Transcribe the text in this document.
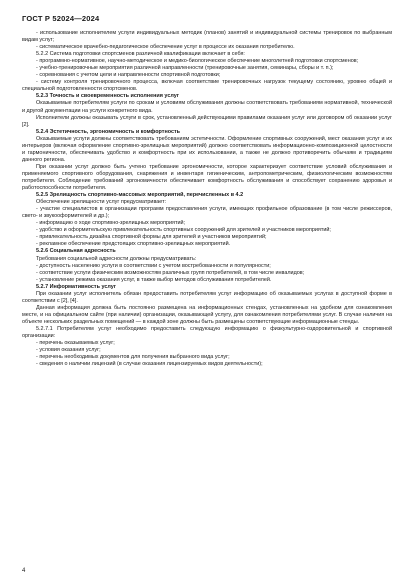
ГОСТ Р 52024—2024

- использование исполнителем услуги индивидуальных методик (планов) занятий и индивидуальной системы тренировок по выбранным видам услуг;

- систематическое врачебно-педагогическое обеспечение услуг в процессе их оказания потребителю.

5.2.2 Система подготовки спортсменов различной квалификации включает в себя:

- программно-нормативное, научно-методическое и медико-биологическое обеспечение многолетней подготовки спортсменов;

- учебно-тренировочные мероприятия различной направленности (тренировочные занятия, семинары, сборы и т. п.);

- соревнования с учетом цели и направленности спортивной подготовки;

- систему контроля тренировочного процесса, включая соответствие тренировочных нагрузок текущему состоянию, уровню общей и специальной подготовленности спортсменов.

5.2.3 Точность и своевременность исполнения услуг

Оказываемые потребителям услуги по срокам и условиям обслуживания должны соответствовать требованиям нормативной, технической и другой документации на услуги конкретного вида.

Исполнители должны оказывать услуги в срок, установленный действующими правилами оказания услуг или договором об оказании услуг [2].

5.2.4 Эстетичность, эргономичность и комфортность

Оказываемые услуги должны соответствовать требованиям эстетичности. Оформление спортивных сооружений, мест оказания услуг и их интерьеров (включая оформление спортивно-зрелищных мероприятий) должно соответствовать информационно-композиционной целостности и гармоничности, обеспечивать удобство и комфортность при их использовании, а также не должно противоречить обычаям и традициям данного региона.

При оказании услуг должно быть учтено требование эргономичности, которое характеризует соответствие условий обслуживания и применяемого спортивного оборудования, снаряжения и инвентаря гигиеническим, антропометрическим, физиологическим возможностям потребителя. Соблюдение требований эргономичности обеспечивает комфортность обслуживания и способствует сохранению здоровья и работоспособности потребителя.

5.2.5 Зрелищность спортивно-массовых мероприятий, перечисленных в 4.2

Обеспечение зрелищности услуг предусматривает:

- участие специалистов в организации программ предоставления услуги, имеющих профильное образование (в том числе режиссеров, свето- и звукооформителей и др.);

- информацию о ходе спортивно-зрелищных мероприятий;

- удобство и оформительскую привлекательность спортивных сооружений для зрителей и участников мероприятий;

- привлекательность дизайна спортивной формы для зрителей и участников мероприятий;

- рекламное обеспечение предстоящих спортивно-зрелищных мероприятий.

5.2.6 Социальная адресность

Требования социальной адресности должны предусматривать:

- доступность населению услуги в соответствии с учетом востребованности и популярности;

- соответствие услуги физическим возможностям различных групп потребителей, в том числе инвалидов;

- установление режима оказания услуг, в также выбор методов обслуживания потребителей.

5.2.7 Информативность услуг

При оказании услуг исполнитель обязан предоставить потребителям услуг информацию об оказываемых услугах в доступной форме в соответствии с [2], [4].

Данная информация должна быть постоянно размещена на информационных стендах, установленных на удобном для ознакомления месте, и на официальном сайте (при наличии) организации, оказывающей услугу, для ознакомления потребителями услуг. В случае наличия на объекте нескольких раздельных помещений — в каждой зоне должны быть размещены соответствующие информационные стенды.

5.2.7.1 Потребителям услуг необходимо предоставить следующую информацию о физкультурно-оздоровительной и спортивной организации:

- перечень оказываемых услуг;

- условия оказания услуг;

- перечень необходимых документов для получения выбранного вида услуг;

- сведения о наличии лицензий (в случае оказания лицензируемых видов деятельности);

4
